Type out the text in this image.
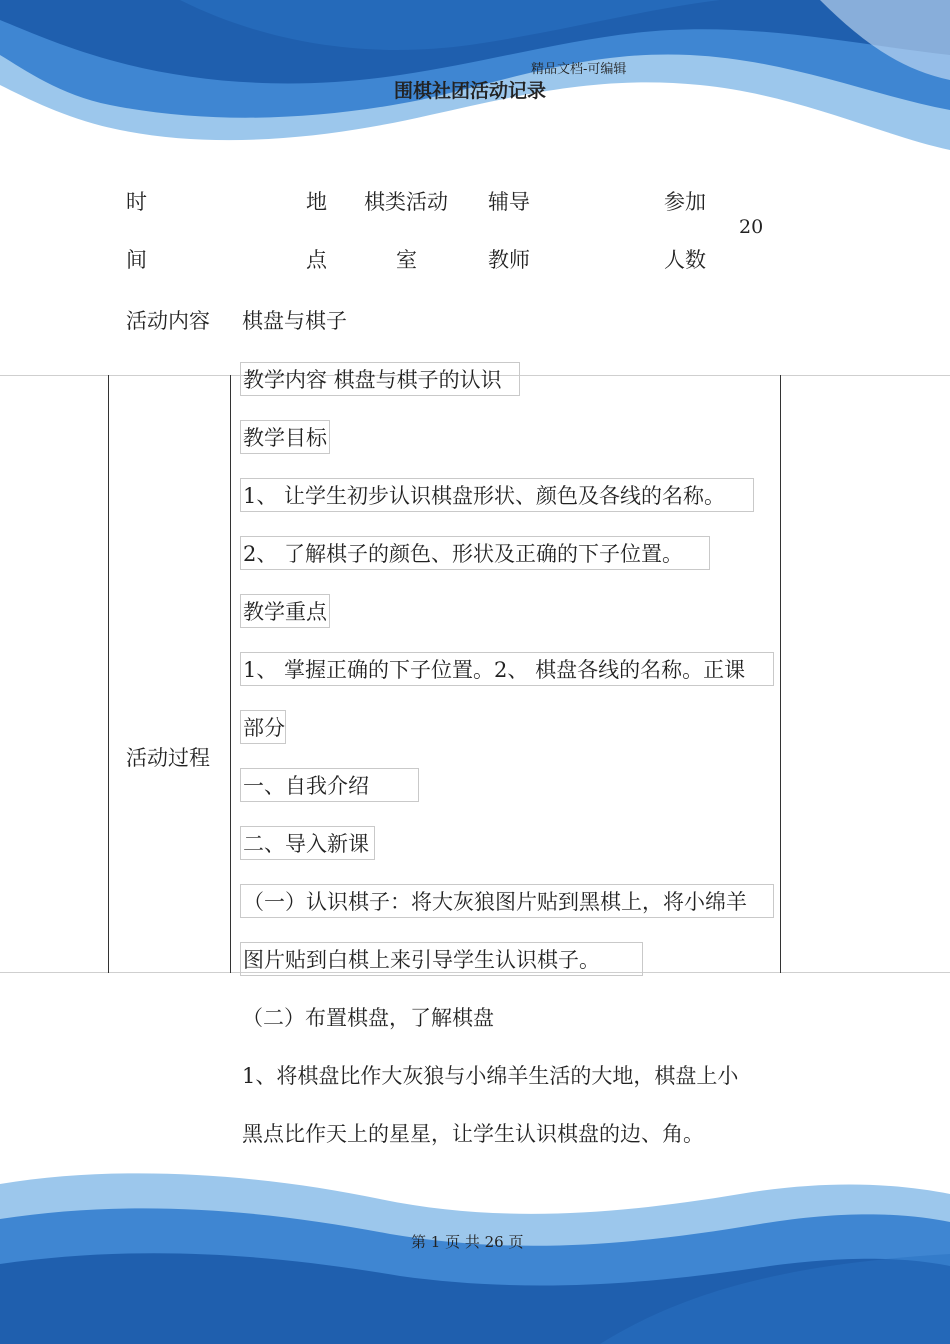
精品文档-可编辑
围棋社团活动记录
时
间
地
点
棋类活动
室
辅导
教师
参加
人数
20
活动内容 棋盘与棋子
活动过程
教学内容 棋盘与棋子的认识
教学目标
1、 让学生初步认识棋盘形状、颜色及各线的名称。
2、 了解棋子的颜色、形状及正确的下子位置。
教学重点
1、 掌握正确的下子位置。2、 棋盘各线的名称。正课
部分
一、自我介绍
二、导入新课
（一）认识棋子：将大灰狼图片贴到黑棋上，将小绵羊
图片贴到白棋上来引导学生认识棋子。
（二）布置棋盘，了解棋盘
1、将棋盘比作大灰狼与小绵羊生活的大地，棋盘上小
黑点比作天上的星星，让学生认识棋盘的边、角。
第 1 页 共 26 页
